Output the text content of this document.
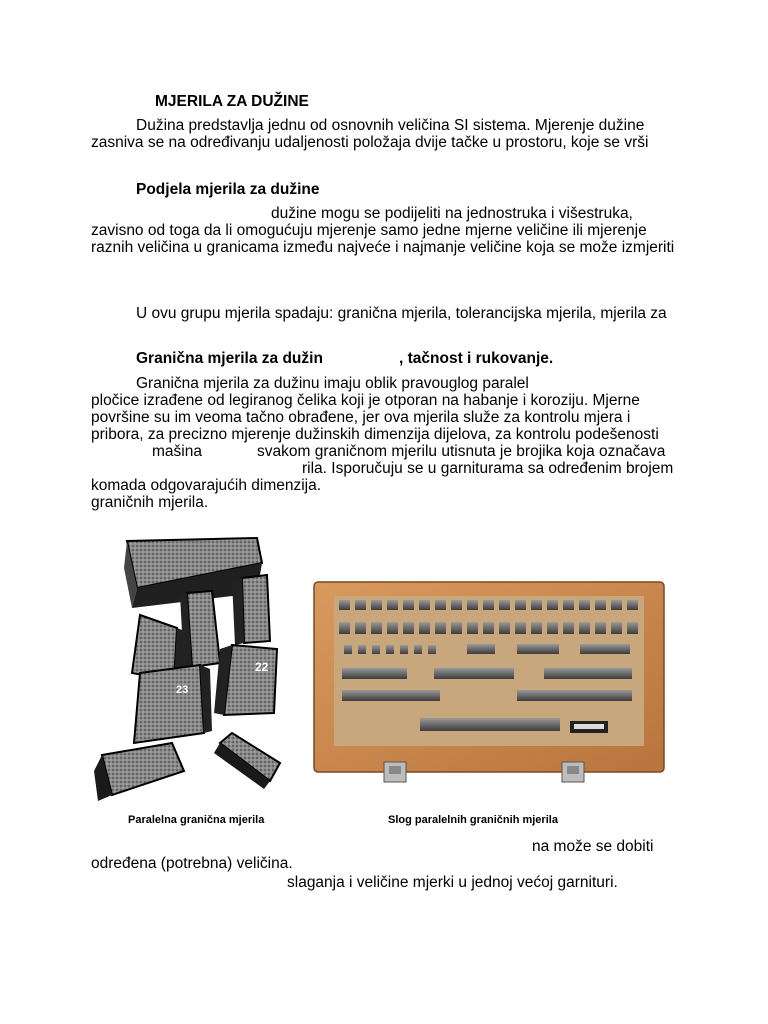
MJERILA ZA DUŽINE
Dužina predstavlja jednu od osnovnih veličina SI sistema. Mjerenje dužine
zasniva se na određivanju udaljenosti položaja dvije tačke u prostoru, koje se vrši
Podjela mjerila za dužine
dužine mogu se podijeliti na jednostruka i višestruka,
zavisno od toga da li omogućuju mjerenje samo jedne mjerne veličine ili mjerenje
raznih veličina u granicama između najveće i najmanje veličine koja se može izmjeriti
U ovu grupu mjerila spadaju: granična mjerila, tolerancijska mjerila, mjerila za
Granična mjerila za dužin	, tačnost i rukovanje.
Granična mjerila za dužinu imaju oblik pravouglog paralel
pločice izrađene od legiranog čelika koji je otporan na habanje i koroziju. Mjerne
površine su im veoma tačno obrađene, jer ova mjerila služe za kontrolu mjera i
pribora, za precizno mjerenje dužinskih dimenzija dijelova, za kontrolu podešenosti
mašina	svakom graničnom mjerilu utisnuta je brojika koja označava
rila. Isporučuju se u garniturama sa određenim brojem
komada odgovarajućih dimenzija.
graničnih mjerila.
22
23
Paralelna granična mjerila	Slog paralelnih graničnih mjerila
na može se dobiti
određena (potrebna) veličina.
slaganja i veličine mjerki u jednoj većoj garnituri.
